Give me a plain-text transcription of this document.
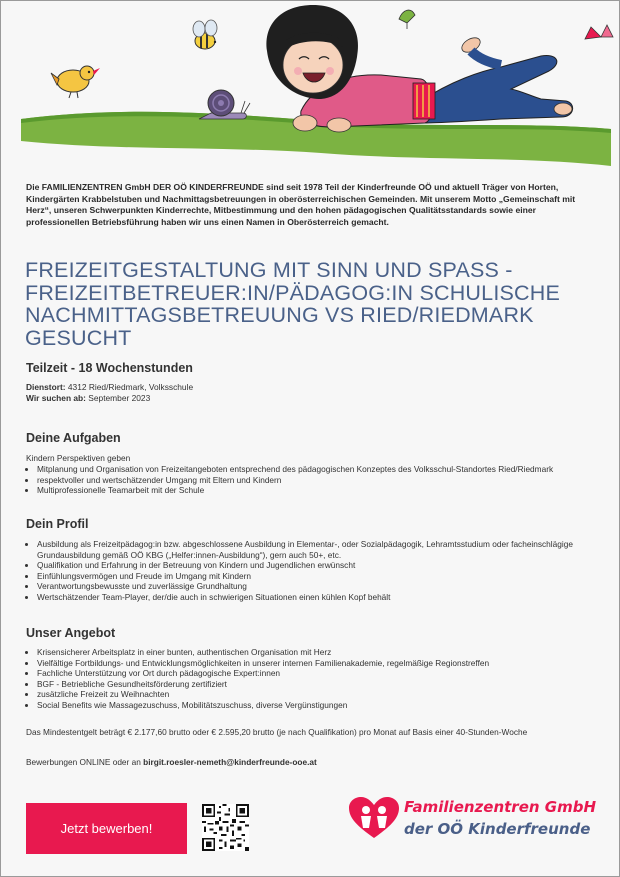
Die FAMILIENZENTREN GmbH DER OÖ KINDERFREUNDE sind seit 1978 Teil der Kinderfreunde OÖ und aktuell Träger von Horten, Kindergärten Krabbelstuben und Nachmittagsbetreuungen in oberösterreichischen Gemeinden. Mit unserem Motto „Gemeinschaft mit Herz“, unseren Schwerpunkten Kinderrechte, Mitbestimmung und den hohen pädagogischen Qualitätsstandards sowie einer professionellen Betriebsführung haben wir uns einen Namen in Oberösterreich gemacht.

FREIZEITGESTALTUNG MIT SINN UND SPASS -
FREIZEITBETREUER:IN/PÄDAGOG:IN SCHULISCHE
NACHMITTAGSBETREUUNG VS RIED/RIEDMARK
GESUCHT
Teilzeit - 18 Wochenstunden
Dienstort: 4312 Ried/Riedmark, Volksschule
Wir suchen ab: September 2023
Deine Aufgaben
Kindern Perspektiven geben
• Mitplanung und Organisation von Freizeitangeboten entsprechend des pädagogischen Konzeptes des Volksschul-Standortes Ried/Riedmark
• respektvoller und wertschätzender Umgang mit Eltern und Kindern
• Multiprofessionelle Teamarbeit mit der Schule
Dein Profil
• Ausbildung als Freizeitpädagog:in bzw. abgeschlossene Ausbildung in Elementar-, oder Sozialpädagogik, Lehramtsstudium oder facheinschlägige Grundausbildung gemäß OÖ KBG („Helfer:innen-Ausbildung“), gern auch 50+, etc.
• Qualifikation und Erfahrung in der Betreuung von Kindern und Jugendlichen erwünscht
• Einfühlungsvermögen und Freude im Umgang mit Kindern
• Verantwortungsbewusste und zuverlässige Grundhaltung
• Wertschätzender Team-Player, der/die auch in schwierigen Situationen einen kühlen Kopf behält
Unser Angebot
• Krisensicherer Arbeitsplatz in einer bunten, authentischen Organisation mit Herz
• Vielfältige Fortbildungs- und Entwicklungsmöglichkeiten in unserer internen Familienakademie, regelmäßige Regionstreffen
• Fachliche Unterstützung vor Ort durch pädagogische Expert:innen
• BGF - Betriebliche Gesundheitsförderung zertifiziert
• zusätzliche Freizeit zu Weihnachten
• Social Benefits wie Massagezuschuss, Mobilitätszuschuss, diverse Vergünstigungen
Das Mindestentgelt beträgt € 2.177,60 brutto oder € 2.595,20 brutto (je nach Qualifikation) pro Monat auf Basis einer 40-Stunden-Woche
Bewerbungen ONLINE oder an birgit.roesler-nemeth@kinderfreunde-ooe.at
Jetzt bewerben!
Familienzentren GmbH
der OÖ Kinderfreunde
